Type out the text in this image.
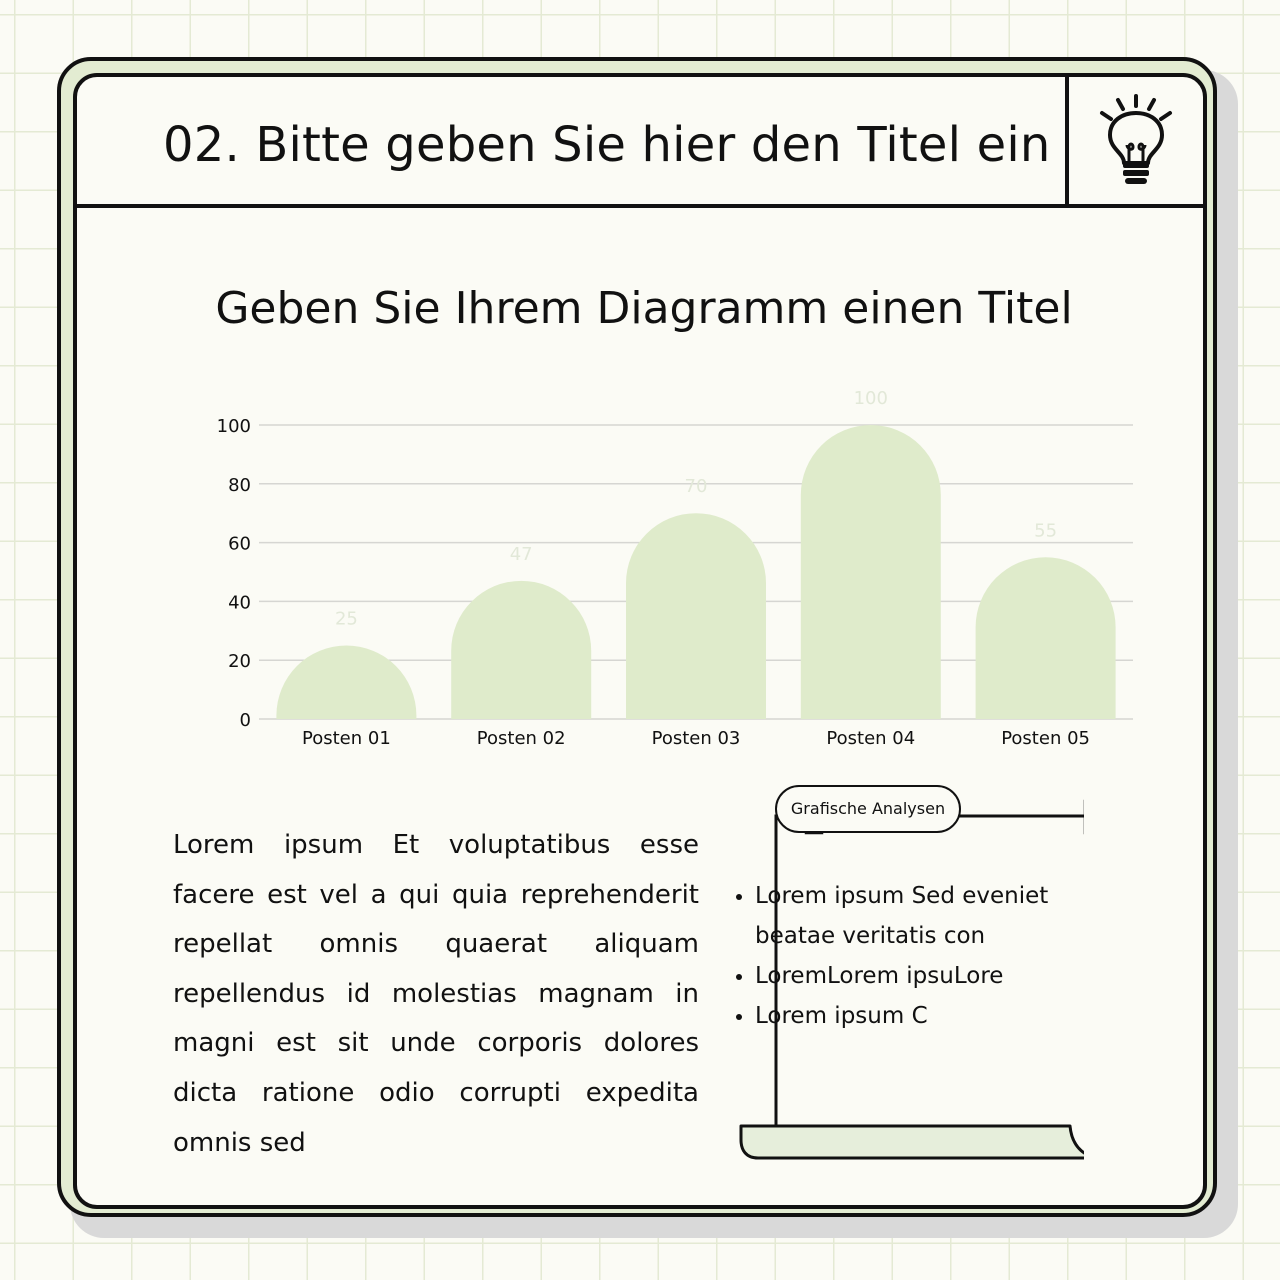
02. Bitte geben Sie hier den Titel ein
Geben Sie Ihrem Diagramm einen Titel
0
20
40
60
80
100
25
Posten 01
47
Posten 02
70
Posten 03
100
Posten 04
55
Posten 05
Lorem ipsum Et voluptatibus esse facere est vel a qui quia reprehenderit repellat omnis quaerat aliquam repellendus id molestias magnam in magni est sit unde corporis dolores dicta ratione odio corrupti expedita omnis sed
Grafische Analysen
• Lorem ipsum Sed eveniet beatae veritatis con
• LoremLorem ipsuLore
• Lorem ipsum C
